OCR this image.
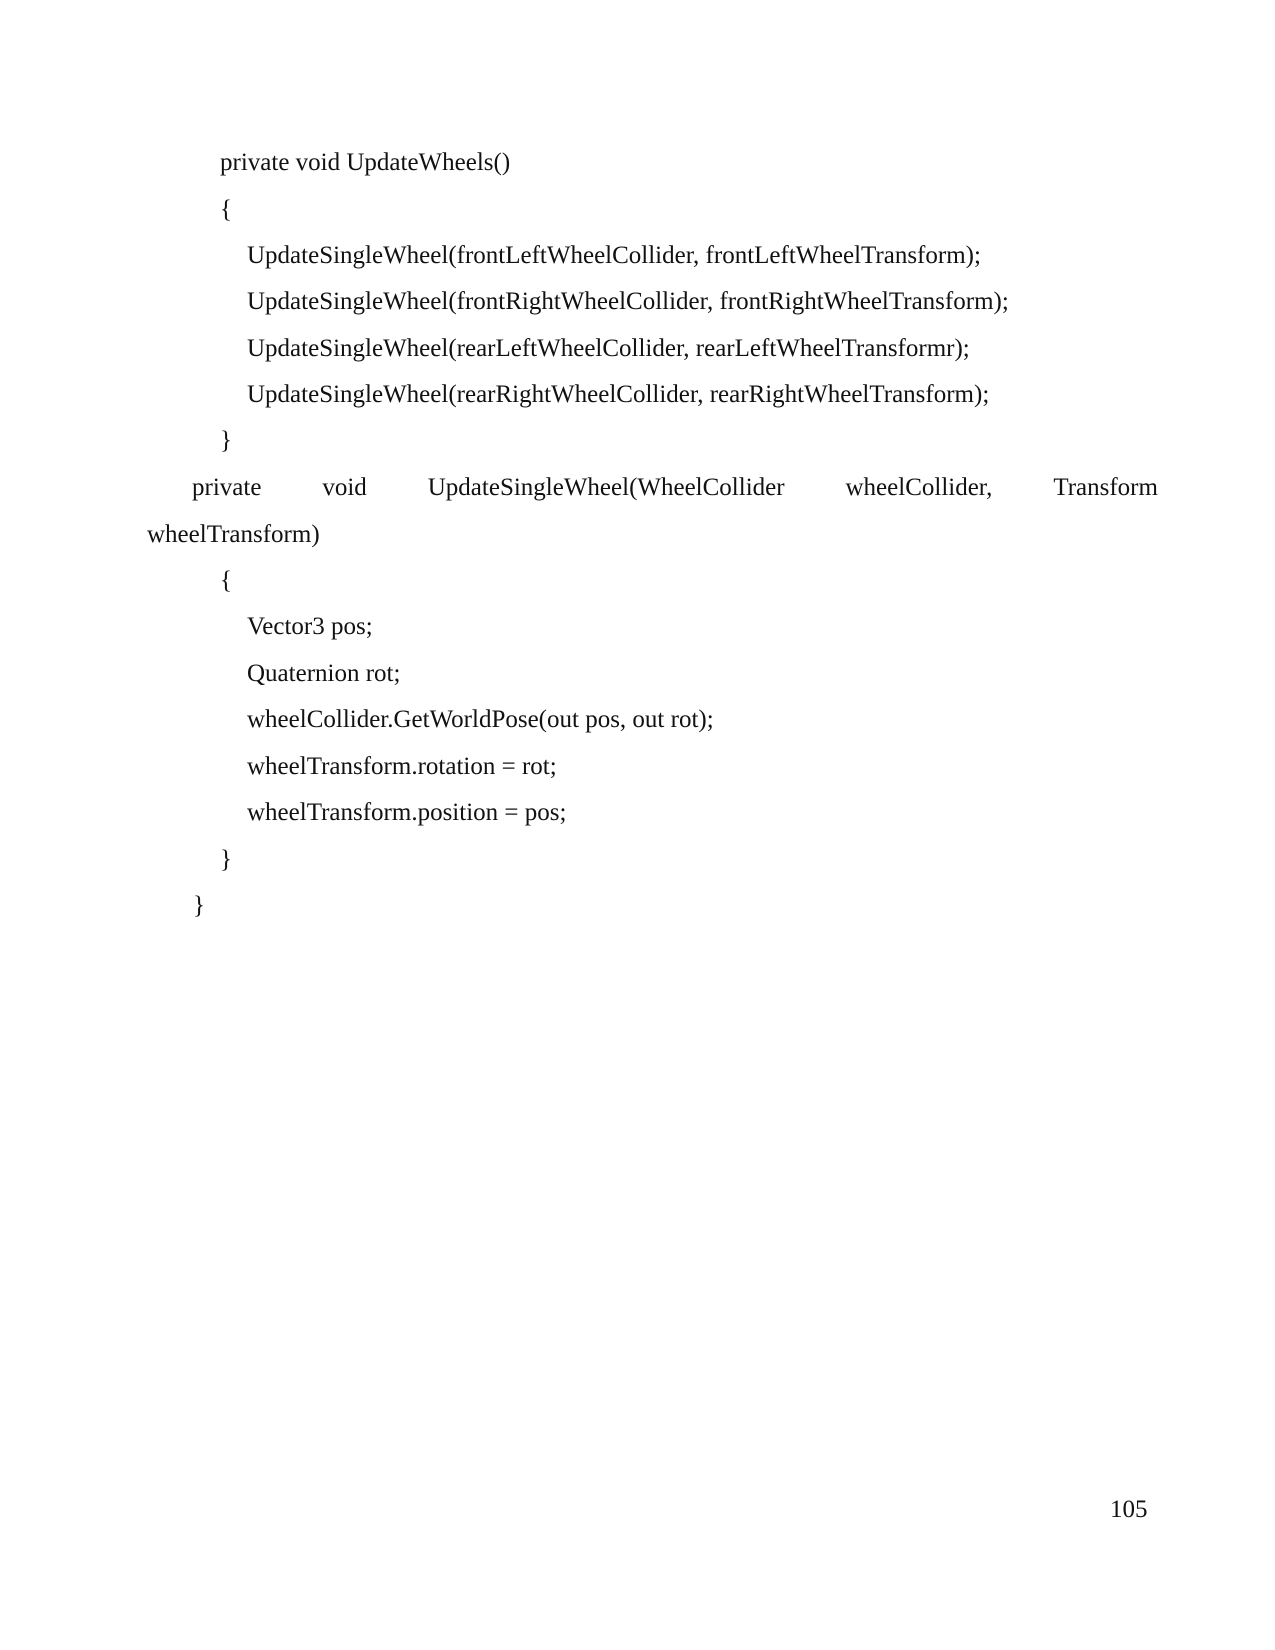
private void UpdateWheels()
{
UpdateSingleWheel(frontLeftWheelCollider, frontLeftWheelTransform);
UpdateSingleWheel(frontRightWheelCollider, frontRightWheelTransform);
UpdateSingleWheel(rearLeftWheelCollider, rearLeftWheelTransformr);
UpdateSingleWheel(rearRightWheelCollider, rearRightWheelTransform);
}
private void UpdateSingleWheel(WheelCollider wheelCollider, Transform
wheelTransform)
{
Vector3 pos;
Quaternion rot;
wheelCollider.GetWorldPose(out pos, out rot);
wheelTransform.rotation = rot;
wheelTransform.position = pos;
}
}
105
